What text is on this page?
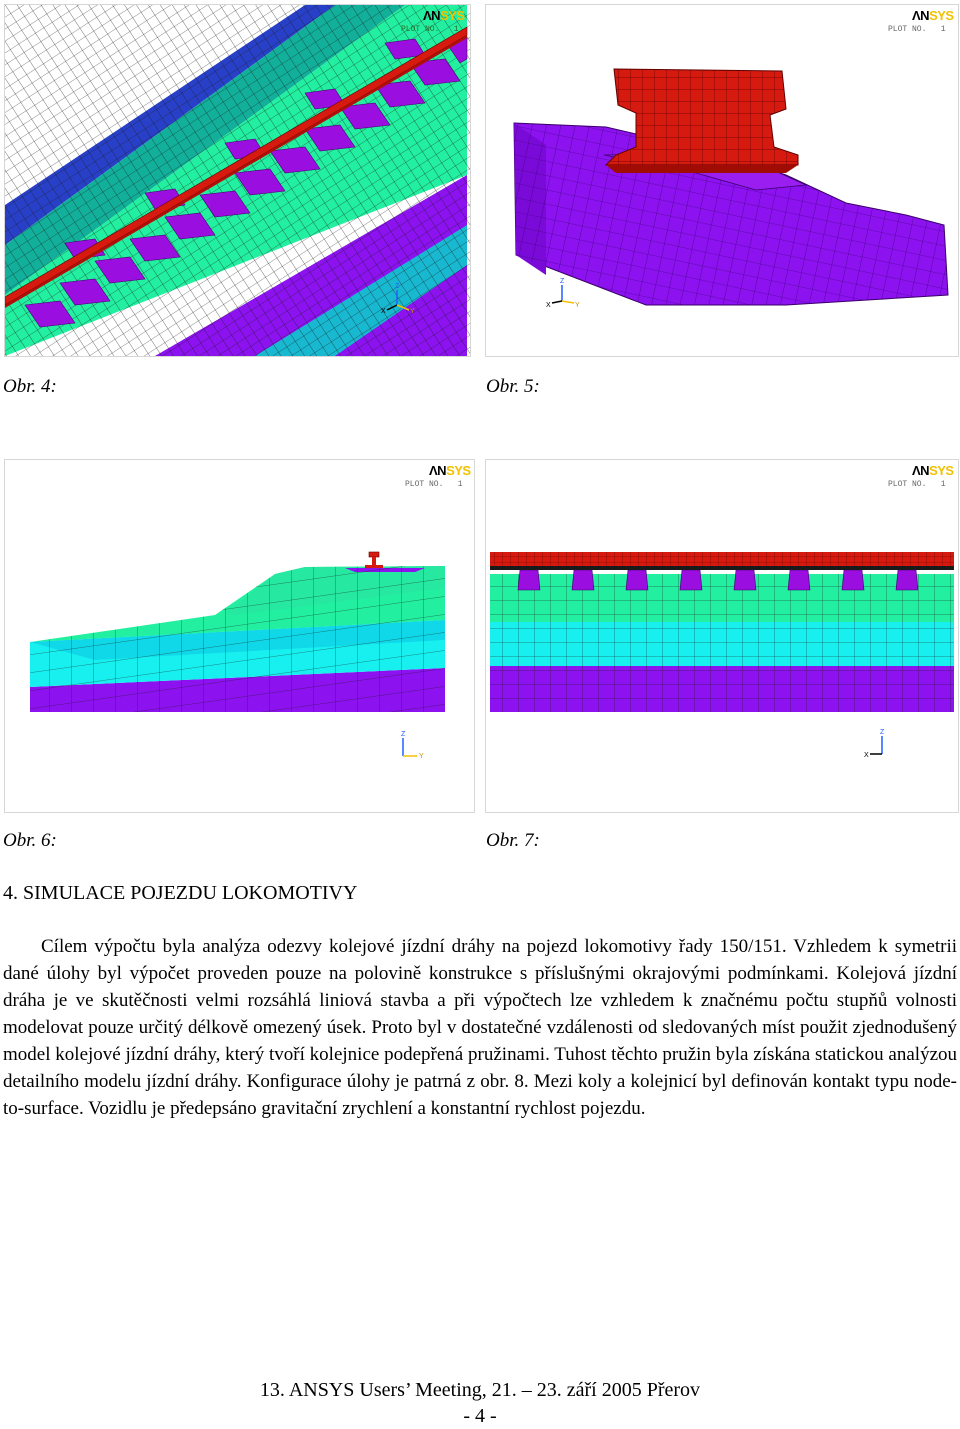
Z
X	Y
ΛNSYS
PLOT NO.   1
Z
X	Y
ΛNSYS
PLOT NO.   1
Obr. 4:	Obr. 5:
Z
Y
ΛNSYS
PLOT NO.   1
Z
X
ΛNSYS
PLOT NO.   1
Obr. 6:	Obr. 7:
4. SIMULACE POJEZDU LOKOMOTIVY

Cílem výpočtu byla analýza odezvy kolejové jízdní dráhy na pojezd lokomotivy řady 150/151. Vzhledem k symetrii dané úlohy byl výpočet proveden pouze na polovině konstrukce s příslušnými okrajovými podmínkami. Kolejová jízdní dráha je ve skutěčnosti velmi rozsáhlá liniová stavba a při výpočtech lze vzhledem k značnému počtu stupňů volnosti modelovat pouze určitý délkově omezený úsek. Proto byl v dostatečné vzdálenosti od sledovaných míst použit zjednodušený model kolejové jízdní dráhy, který tvoří kolejnice podepřená pružinami. Tuhost těchto pružin byla získána statickou analýzou detailního modelu jízdní dráhy. Konfigurace úlohy je patrná z obr. 8. Mezi koly a kolejnicí byl definován kontakt typu node-to-surface. Vozidlu je předepsáno gravitační zrychlení a konstantní rychlost pojezdu.

13. ANSYS Users’ Meeting, 21. – 23. září 2005 Přerov
- 4 -
